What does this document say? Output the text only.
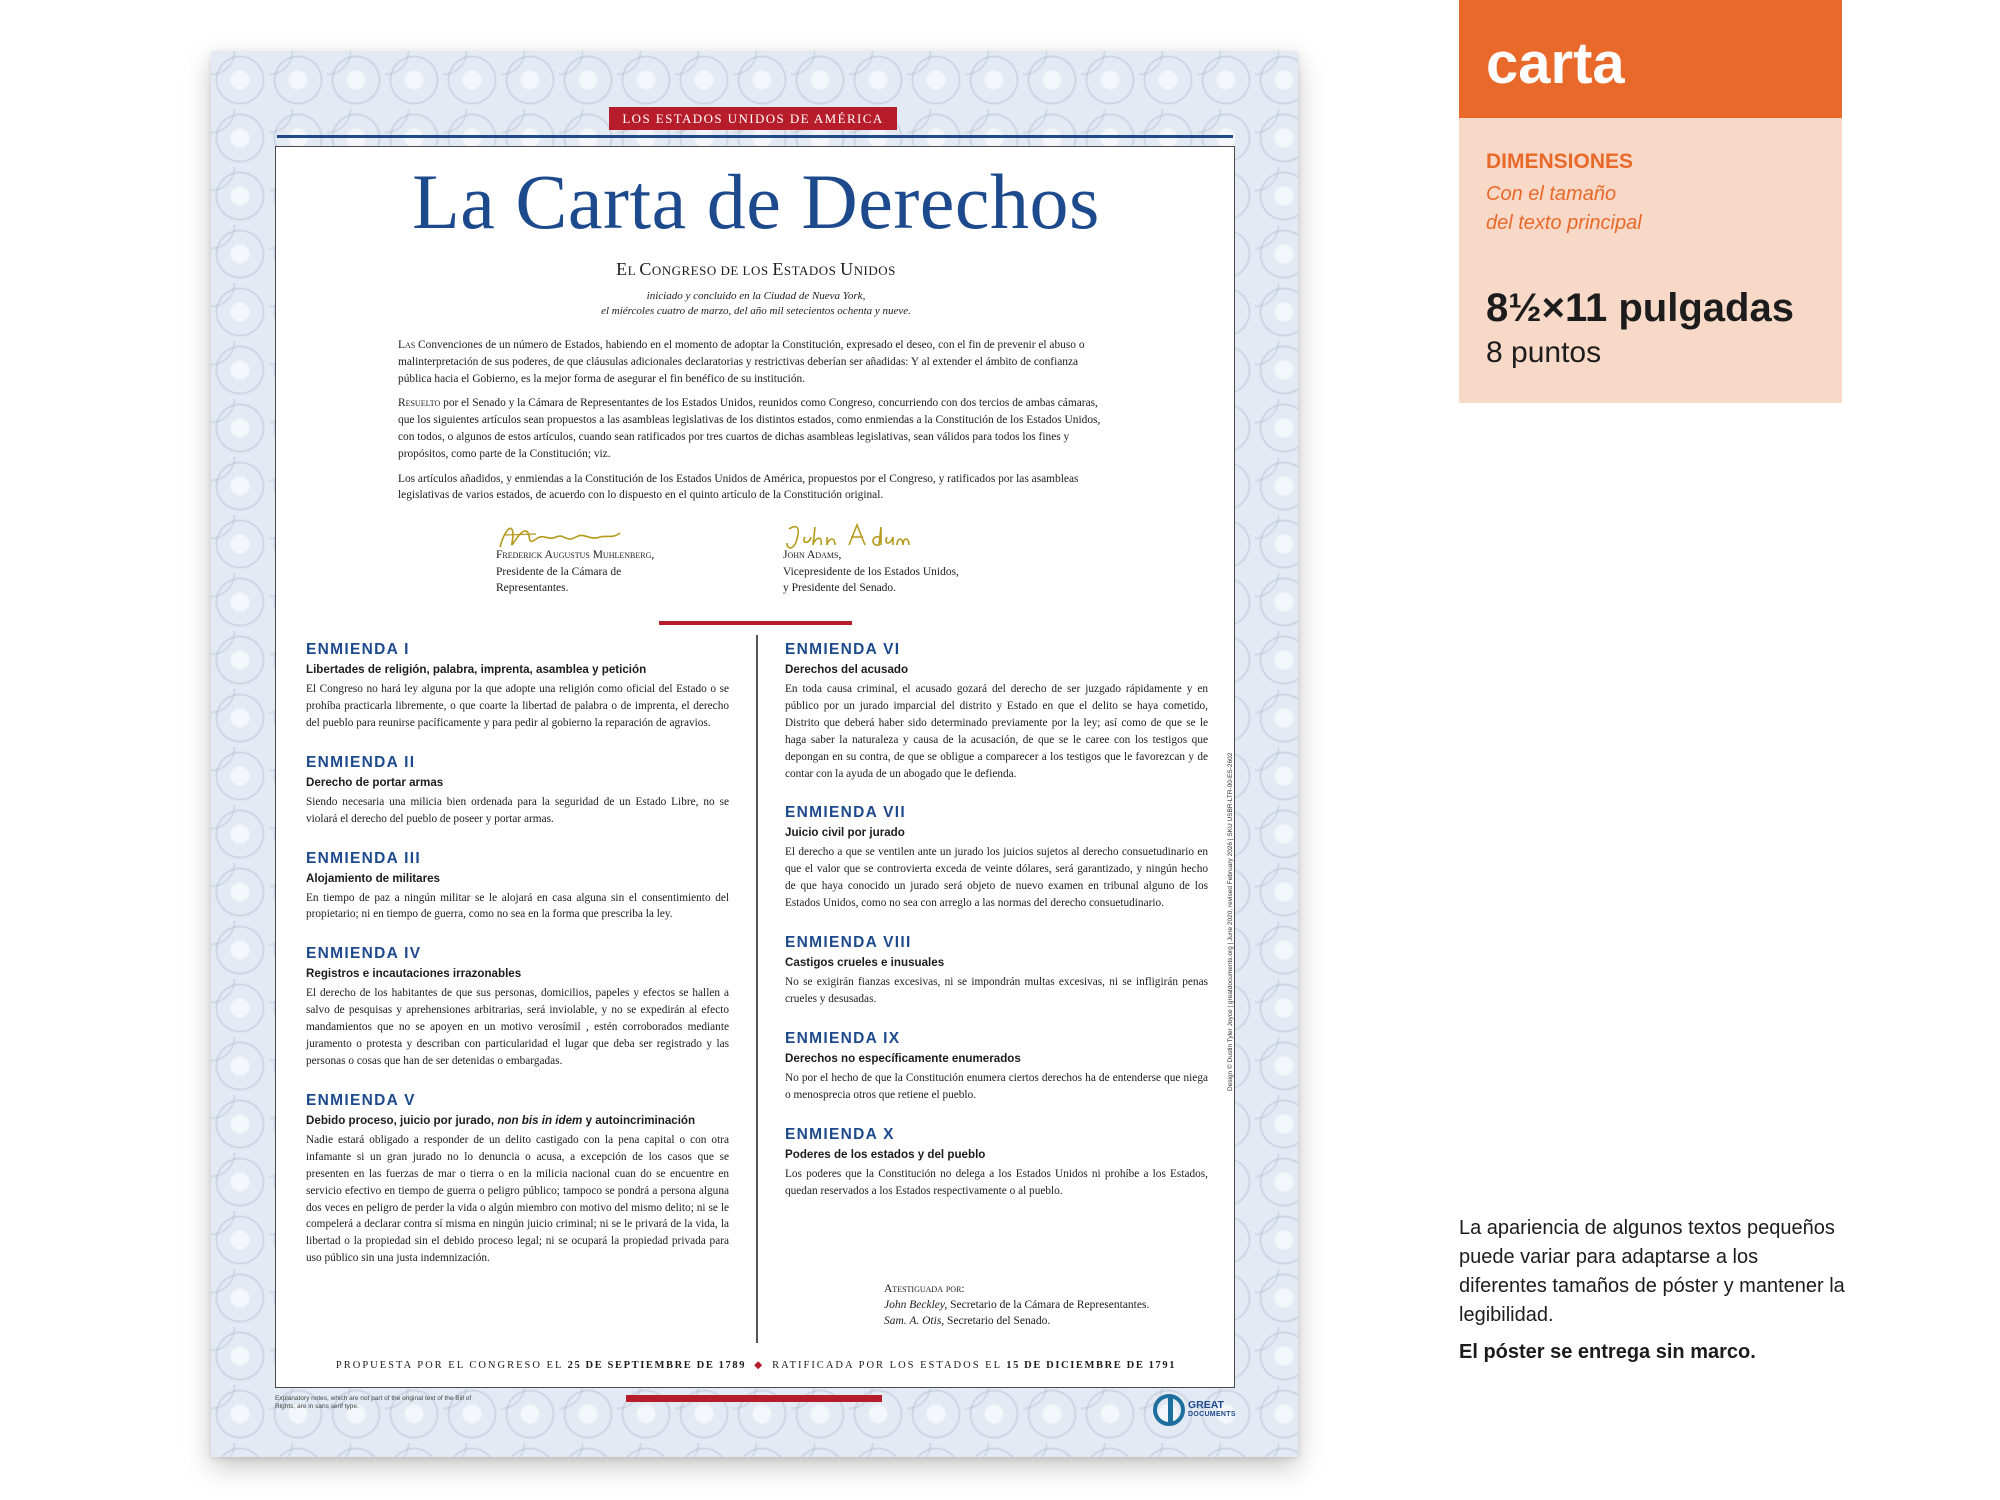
LOS ESTADOS UNIDOS DE AMÉRICA
La Carta de Derechos
EL CONGRESO DE LOS ESTADOS UNIDOS
iniciado y concluido en la Ciudad de Nueva York,
el miércoles cuatro de marzo, del año mil setecientos ochenta y nueve.

Las Convenciones de un número de Estados, habiendo en el momento de adoptar la Constitución, expresado el deseo, con el fin de prevenir el abuso o malinterpretación de sus poderes, de que cláusulas adicionales declaratorias y restrictivas deberían ser añadidas: Y al extender el ámbito de confianza pública hacia el Gobierno, es la mejor forma de asegurar el fin benéfico de su institución.

Resuelto por el Senado y la Cámara de Representantes de los Estados Unidos, reunidos como Congreso, concurriendo con dos tercios de ambas cámaras, que los siguientes artículos sean propuestos a las asambleas legislativas de los distintos estados, como enmiendas a la Constitución de los Estados Unidos, con todos, o algunos de estos artículos, cuando sean ratificados por tres cuartos de dichas asambleas legislativas, sean válidos para todos los fines y propósitos, como parte de la Constitución; viz.

Los artículos añadidos, y enmiendas a la Constitución de los Estados Unidos de América, propuestos por el Congreso, y ratificados por las asambleas legislativas de varios estados, de acuerdo con lo dispuesto en el quinto artículo de la Constitución original.

Frederick Augustus Muhlenberg,
Presidente de la Cámara de
Representantes.
John Adams,
Vicepresidente de los Estados Unidos,
y Presidente del Senado.
ENMIENDA I
Libertades de religión, palabra, imprenta, asamblea y petición

El Congreso no hará ley alguna por la que adopte una religión como oficial del Estado o se prohíba practicarla libremente, o que coarte la libertad de palabra o de imprenta, el derecho del pueblo para reunirse pacíficamente y para pedir al gobierno la reparación de agravios.

ENMIENDA II
Derecho de portar armas

Siendo necesaria una milicia bien ordenada para la seguridad de un Estado Libre, no se violará el derecho del pueblo de poseer y portar armas.

ENMIENDA III
Alojamiento de militares

En tiempo de paz a ningún militar se le alojará en casa alguna sin el consentimiento del propietario; ni en tiempo de guerra, como no sea en la forma que prescriba la ley.

ENMIENDA IV
Registros e incautaciones irrazonables

El derecho de los habitantes de que sus personas, domicilios, papeles y efectos se hallen a salvo de pesquisas y aprehensiones arbitrarias, será inviolable, y no se expedirán al efecto mandamientos que no se apoyen en un motivo verosímil , estén corroborados mediante juramento o protesta y describan con particularidad el lugar que deba ser registrado y las personas o cosas que han de ser detenidas o embargadas.

ENMIENDA V
Debido proceso, juicio por jurado, non bis in idem y autoincriminación

Nadie estará obligado a responder de un delito castigado con la pena capital o con otra infamante si un gran jurado no lo denuncia o acusa, a excepción de los casos que se presenten en las fuerzas de mar o tierra o en la milicia nacional cuan do se encuentre en servicio efectivo en tiempo de guerra o peligro público; tampoco se pondrá a persona alguna dos veces en peligro de perder la vida o algún miembro con motivo del mismo delito; ni se le compelerá a declarar contra sí misma en ningún juicio criminal; ni se le privará de la vida, la libertad o la propiedad sin el debido proceso legal; ni se ocupará la propiedad privada para uso público sin una justa indemnización.

ENMIENDA VI
Derechos del acusado

En toda causa criminal, el acusado gozará del derecho de ser juzgado rápidamente y en público por un jurado imparcial del distrito y Estado en que el delito se haya cometido, Distrito que deberá haber sido determinado previamente por la ley; así como de que se le haga saber la naturaleza y causa de la acusación, de que se le caree con los testigos que depongan en su contra, de que se obligue a comparecer a los testigos que le favorezcan y de contar con la ayuda de un abogado que le defienda.

ENMIENDA VII
Juicio civil por jurado

El derecho a que se ventilen ante un jurado los juicios sujetos al derecho consuetudinario en que el valor que se controvierta exceda de veinte dólares, será garantizado, y ningún hecho de que haya conocido un jurado será objeto de nuevo examen en tribunal alguno de los Estados Unidos, como no sea con arreglo a las normas del derecho consuetudinario.

ENMIENDA VIII
Castigos crueles e inusuales

No se exigirán fianzas excesivas, ni se impondrán multas excesivas, ni se infligirán penas crueles y desusadas.

ENMIENDA IX
Derechos no específicamente enumerados

No por el hecho de que la Constitución enumera ciertos derechos ha de entenderse que niega o menosprecia otros que retiene el pueblo.

ENMIENDA X
Poderes de los estados y del pueblo

Los poderes que la Constitución no delega a los Estados Unidos ni prohíbe a los Estados, quedan reservados a los Estados respectivamente o al pueblo.

Atestiguada por:
John Beckley, Secretario de la Cámara de Representantes.
Sam. A. Otis, Secretario del Senado.
PROPUESTA POR EL CONGRESO EL 25 DE SEPTIEMBRE DE 1789 ◆ RATIFICADA POR LOS ESTADOS EL 15 DE DICIEMBRE DE 1791
Design © Dustin Tyler Joyce | greatdocuments.org | June 2020, revised February 2026 | SKU USBR-LTR-00-ES-2602
Explanatory notes, which are not part of the original text of the Bill of Rights, are in sans serif type.	GREAT
DOCUMENTS
carta
DIMENSIONES
Con el tamaño
del texto principal
8½×11 pulgadas
8 puntos
La apariencia de algunos textos pequeños puede variar para adaptarse a los diferentes tamaños de póster y mantener la legibilidad.
El póster se entrega sin marco.
